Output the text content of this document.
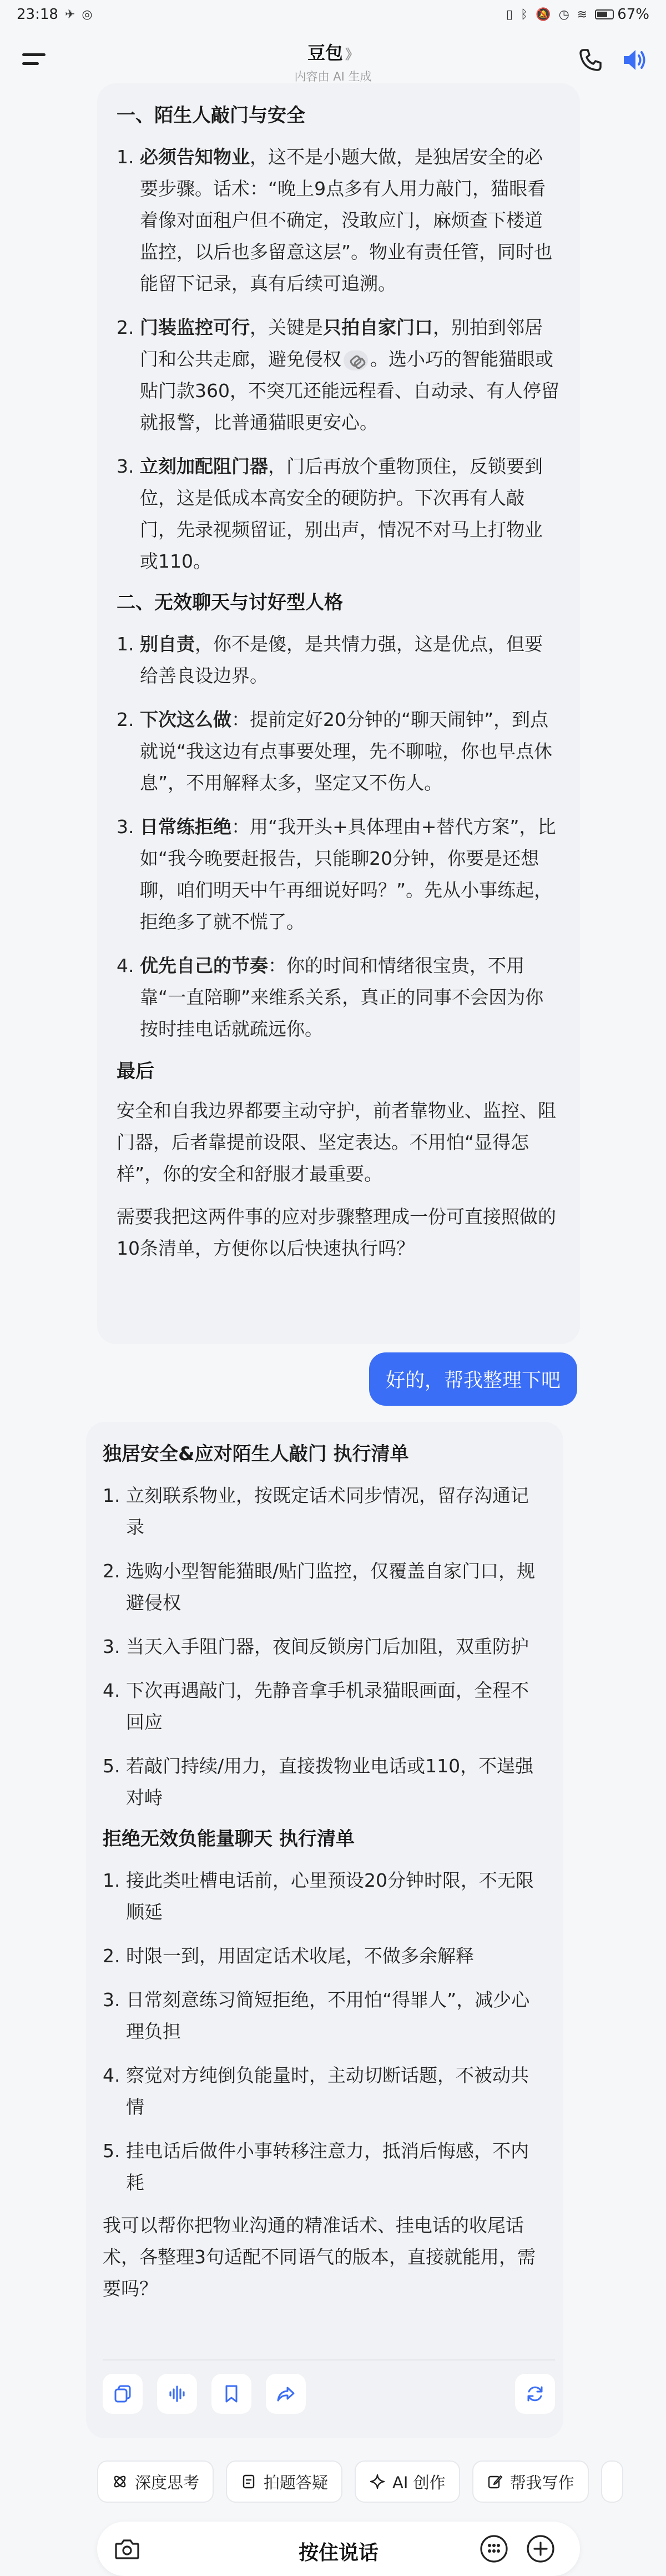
23:18 ✈ ◎	▯ ᛒ 🔕 ◷ ≋ 67%
豆包 》
内容由 AI 生成
一、陌生人敲门与安全
1. 必须告知物业，这不是小题大做，是独居安全的必要步骤。话术：“晚上9点多有人用力敲门，猫眼看着像对面租户但不确定，没敢应门，麻烦查下楼道监控，以后也多留意这层”。物业有责任管，同时也能留下记录，真有后续可追溯。
2. 门装监控可行，关键是只拍自家门口，别拍到邻居门和公共走廊，避免侵权 。选小巧的智能猫眼或贴门款360，不突兀还能远程看、自动录、有人停留就报警，比普通猫眼更安心。
3. 立刻加配阻门器，门后再放个重物顶住，反锁要到位，这是低成本高安全的硬防护。下次再有人敲门，先录视频留证，别出声，情况不对马上打物业或110。
二、无效聊天与讨好型人格
1. 别自责，你不是傻，是共情力强，这是优点，但要给善良设边界。
2. 下次这么做：提前定好20分钟的“聊天闹钟”，到点就说“我这边有点事要处理，先不聊啦，你也早点休息”，不用解释太多，坚定又不伤人。
3. 日常练拒绝：用“我开头+具体理由+替代方案”，比如“我今晚要赶报告，只能聊20分钟，你要是还想聊，咱们明天中午再细说好吗？”。先从小事练起，拒绝多了就不慌了。
4. 优先自己的节奏：你的时间和情绪很宝贵，不用靠“一直陪聊”来维系关系，真正的同事不会因为你按时挂电话就疏远你。
最后
安全和自我边界都要主动守护，前者靠物业、监控、阻门器，后者靠提前设限、坚定表达。不用怕“显得怎样”，你的安全和舒服才最重要。
需要我把这两件事的应对步骤整理成一份可直接照做的10条清单，方便你以后快速执行吗？
好的，帮我整理下吧
独居安全&应对陌生人敲门 执行清单
1. 立刻联系物业，按既定话术同步情况，留存沟通记录
2. 选购小型智能猫眼/贴门监控，仅覆盖自家门口，规避侵权
3. 当天入手阻门器，夜间反锁房门后加阻，双重防护
4. 下次再遇敲门，先静音拿手机录猫眼画面，全程不回应
5. 若敲门持续/用力，直接拨物业电话或110，不逞强对峙
拒绝无效负能量聊天 执行清单
1. 接此类吐槽电话前，心里预设20分钟时限，不无限顺延
2. 时限一到，用固定话术收尾，不做多余解释
3. 日常刻意练习简短拒绝，不用怕“得罪人”，减少心理负担
4. 察觉对方纯倒负能量时，主动切断话题，不被动共情
5. 挂电话后做件小事转移注意力，抵消后悔感，不内耗
我可以帮你把物业沟通的精准话术、挂电话的收尾话术，各整理3句适配不同语气的版本，直接就能用，需要吗？
深度思考	拍题答疑	AI 创作	帮我写作
按住说话
